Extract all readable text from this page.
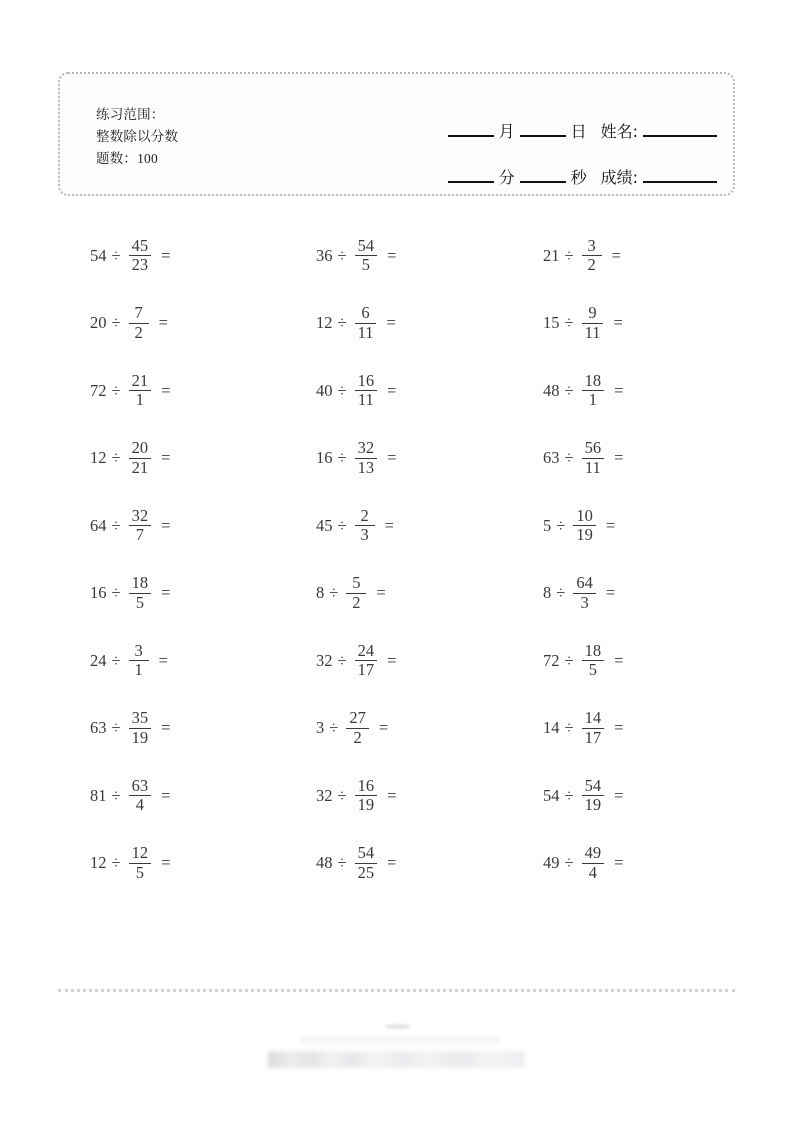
练习范围：
整数除以分数
题数：100
月	日 姓名:
分	秒 成绩:
$54 \div \frac{45}{23}$ =	$36 \div \frac{54}{5}$ =	$21 \div \frac{3}{2}$ =
$20 \div \frac{7}{2}$ =	$12 \div \frac{6}{11}$ =	$15 \div \frac{9}{11}$ =
$72 \div \frac{21}{1}$ =	$40 \div \frac{16}{11}$ =	$48 \div \frac{18}{1}$ =
$12 \div \frac{20}{21}$ =	$16 \div \frac{32}{13}$ =	$63 \div \frac{56}{11}$ =
$64 \div \frac{32}{7}$ =	$45 \div \frac{2}{3}$ =	$5 \div \frac{10}{19}$ =
$16 \div \frac{18}{5}$ =	$8 \div \frac{5}{2}$ =	$8 \div \frac{64}{3}$ =
$24 \div \frac{3}{1}$ =	$32 \div \frac{24}{17}$ =	$72 \div \frac{18}{5}$ =
$63 \div \frac{35}{19}$ =	$3 \div \frac{27}{2}$ =	$14 \div \frac{14}{17}$ =
$81 \div \frac{63}{4}$ =	$32 \div \frac{16}{19}$ =	$54 \div \frac{54}{19}$ =
$12 \div \frac{12}{5}$ =	$48 \div \frac{54}{25}$ =	$49 \div \frac{49}{4}$ =
